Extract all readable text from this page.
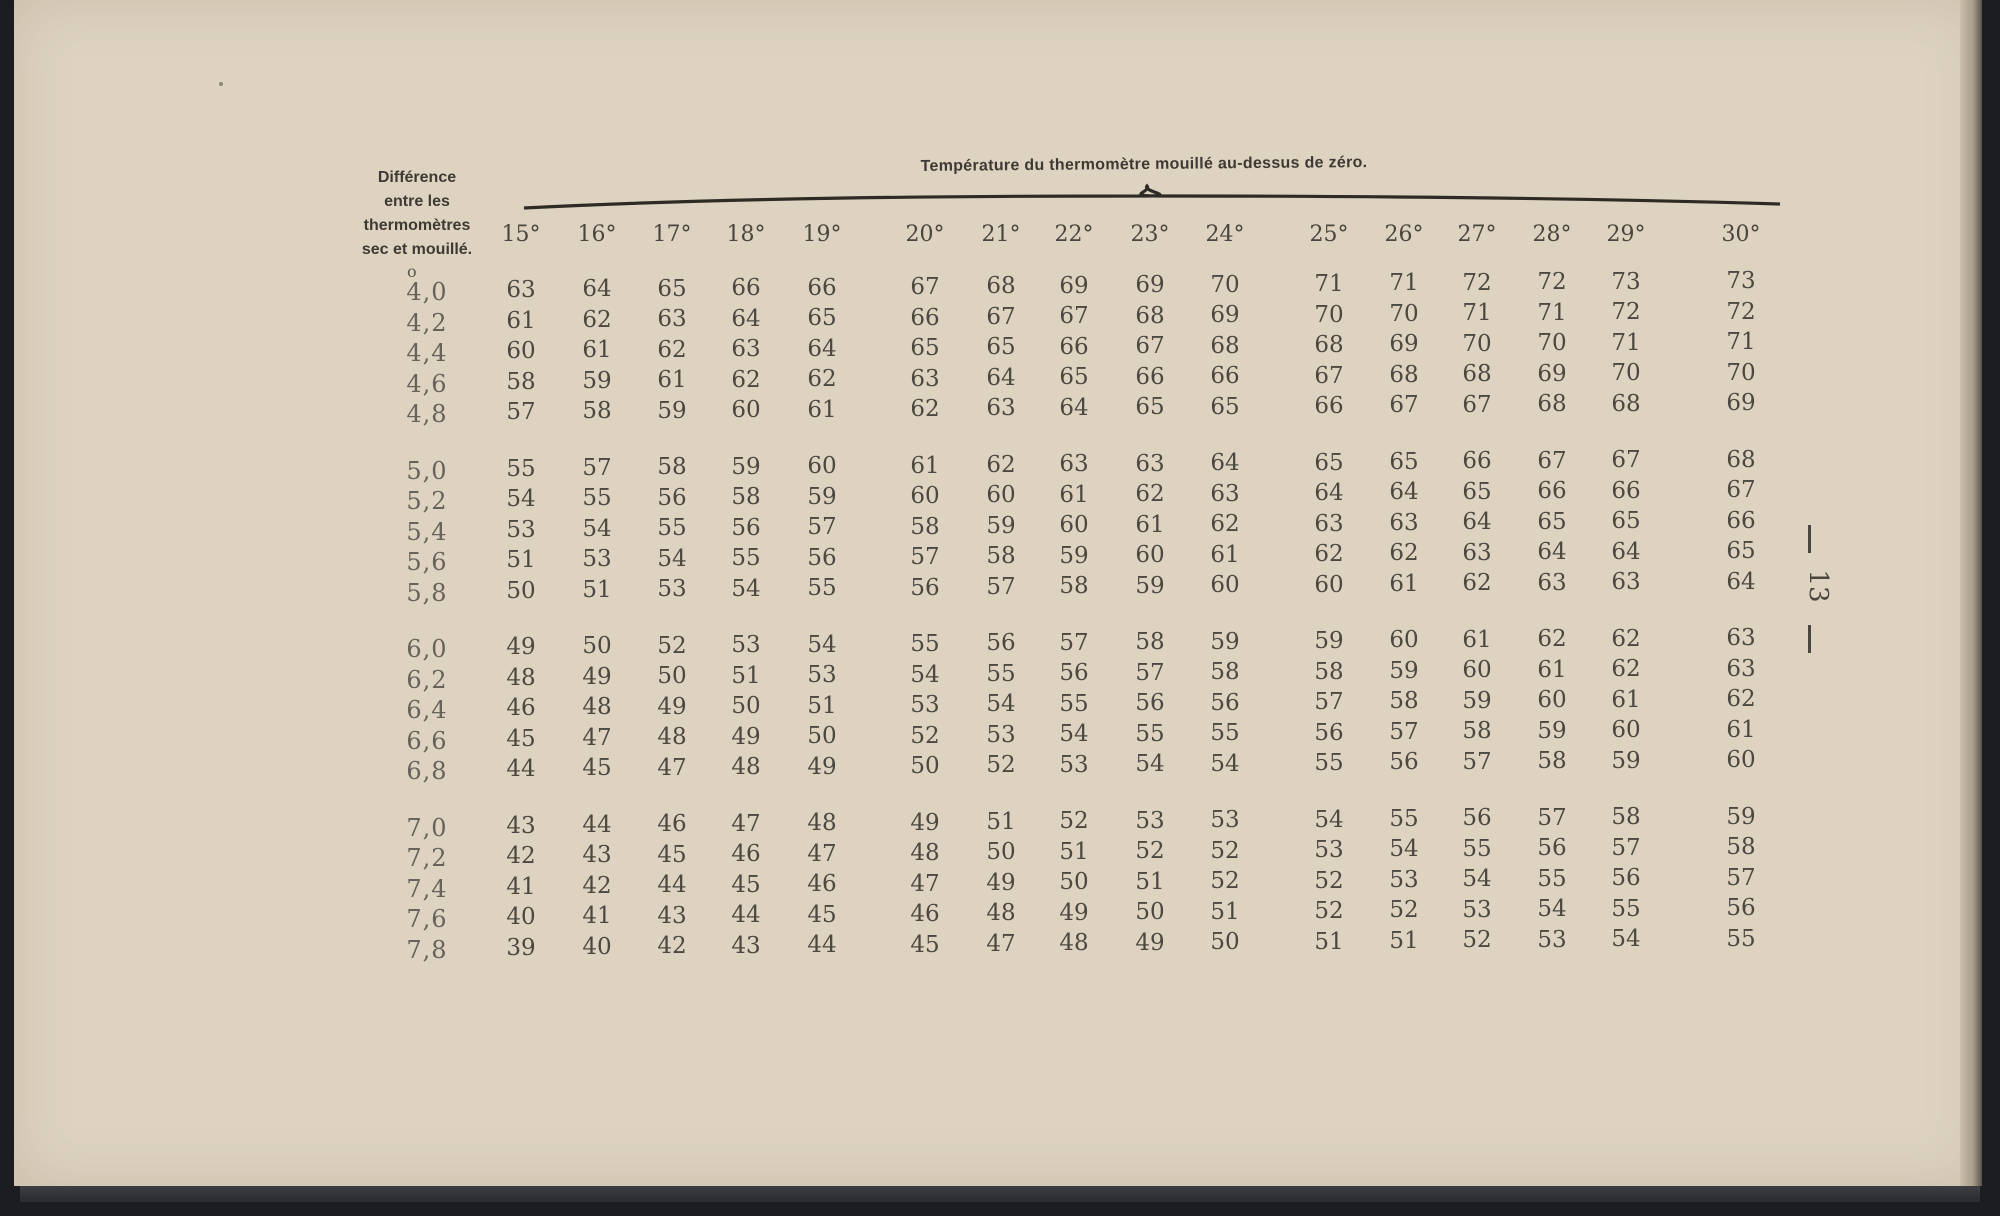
Différence
entre les
thermomètres
sec et mouillé.
Température du thermomètre mouillé au-dessus de zéro.
15°	16°	17°	18°	19°	20°	21°	22°	23°	24°	25°	26°	27°	28°	29°	30°
o
4,0	63	64	65	66	66	67	68	69	69	70	71	71	72	72	73	73
4,2	61	62	63	64	65	66	67	67	68	69	70	70	71	71	72	72
4,4	60	61	62	63	64	65	65	66	67	68	68	69	70	70	71	71
4,6	58	59	61	62	62	63	64	65	66	66	67	68	68	69	70	70
4,8	57	58	59	60	61	62	63	64	65	65	66	67	67	68	68	69
5,0	55	57	58	59	60	61	62	63	63	64	65	65	66	67	67	68
5,2	54	55	56	58	59	60	60	61	62	63	64	64	65	66	66	67
5,4	53	54	55	56	57	58	59	60	61	62	63	63	64	65	65	66
5,6	51	53	54	55	56	57	58	59	60	61	62	62	63	64	64	65
5,8	50	51	53	54	55	56	57	58	59	60	60	61	62	63	63	64
6,0	49	50	52	53	54	55	56	57	58	59	59	60	61	62	62	63
6,2	48	49	50	51	53	54	55	56	57	58	58	59	60	61	62	63
6,4	46	48	49	50	51	53	54	55	56	56	57	58	59	60	61	62
6,6	45	47	48	49	50	52	53	54	55	55	56	57	58	59	60	61
6,8	44	45	47	48	49	50	52	53	54	54	55	56	57	58	59	60
7,0	43	44	46	47	48	49	51	52	53	53	54	55	56	57	58	59
7,2	42	43	45	46	47	48	50	51	52	52	53	54	55	56	57	58
7,4	41	42	44	45	46	47	49	50	51	52	52	53	54	55	56	57
7,6	40	41	43	44	45	46	48	49	50	51	52	52	53	54	55	56
7,8	39	40	42	43	44	45	47	48	49	50	51	51	52	53	54	55
13
